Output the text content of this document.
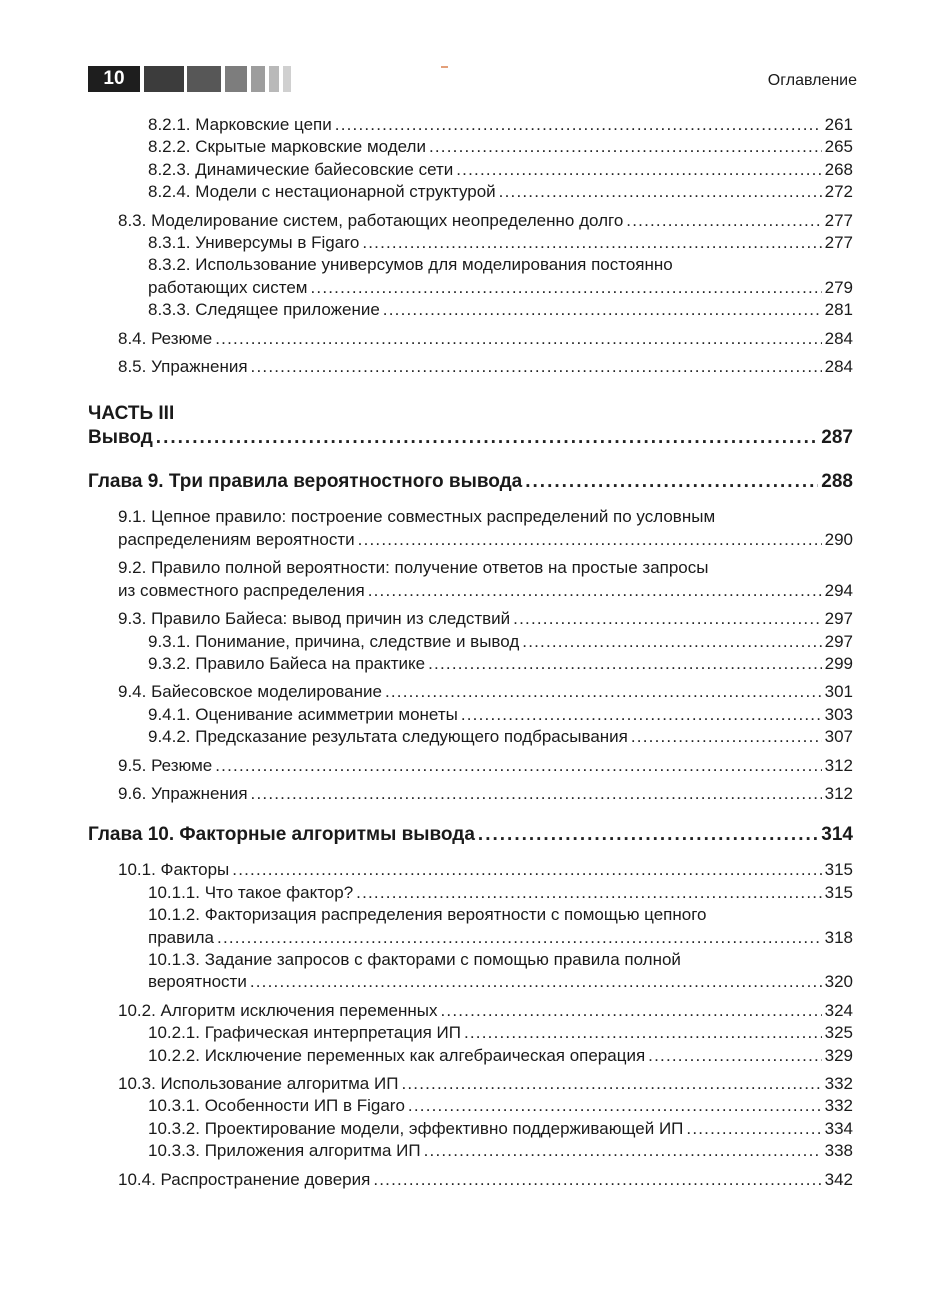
10	Оглавление
8.2.1. Марковские цепи .....	261
8.2.2. Скрытые марковские модели .....	265
8.2.3. Динамические байесовские сети .....	268
8.2.4. Модели с нестационарной структурой .....	272
8.3. Моделирование систем, работающих неопределенно долго .....	277
8.3.1. Универсумы в Figaro .....	277
8.3.2. Использование универсумов для моделирования постоянно
работающих систем .....	279
8.3.3. Следящее приложение .....	281
8.4. Резюме .....	284
8.5. Упражнения .....	284
ЧАСТЬ III
Вывод .....	287
Глава 9. Три правила вероятностного вывода .....	288
9.1. Цепное правило: построение совместных распределений по условным
распределениям вероятности .....	290
9.2. Правило полной вероятности: получение ответов на простые запросы
из совместного распределения .....	294
9.3. Правило Байеса: вывод причин из следствий .....	297
9.3.1. Понимание, причина, следствие и вывод .....	297
9.3.2. Правило Байеса на практике .....	299
9.4. Байесовское моделирование .....	301
9.4.1. Оценивание асимметрии монеты .....	303
9.4.2. Предсказание результата следующего подбрасывания .....	307
9.5. Резюме .....	312
9.6. Упражнения .....	312
Глава 10. Факторные алгоритмы вывода .....	314
10.1. Факторы .....	315
10.1.1. Что такое фактор? .....	315
10.1.2. Факторизация распределения вероятности с помощью цепного
правила .....	318
10.1.3. Задание запросов с факторами с помощью правила полной
вероятности .....	320
10.2. Алгоритм исключения переменных .....	324
10.2.1. Графическая интерпретация ИП .....	325
10.2.2. Исключение переменных как алгебраическая операция .....	329
10.3. Использование алгоритма ИП .....	332
10.3.1. Особенности ИП в Figaro .....	332
10.3.2. Проектирование модели, эффективно поддерживающей ИП .....	334
10.3.3. Приложения алгоритма ИП .....	338
10.4. Распространение доверия .....	342
